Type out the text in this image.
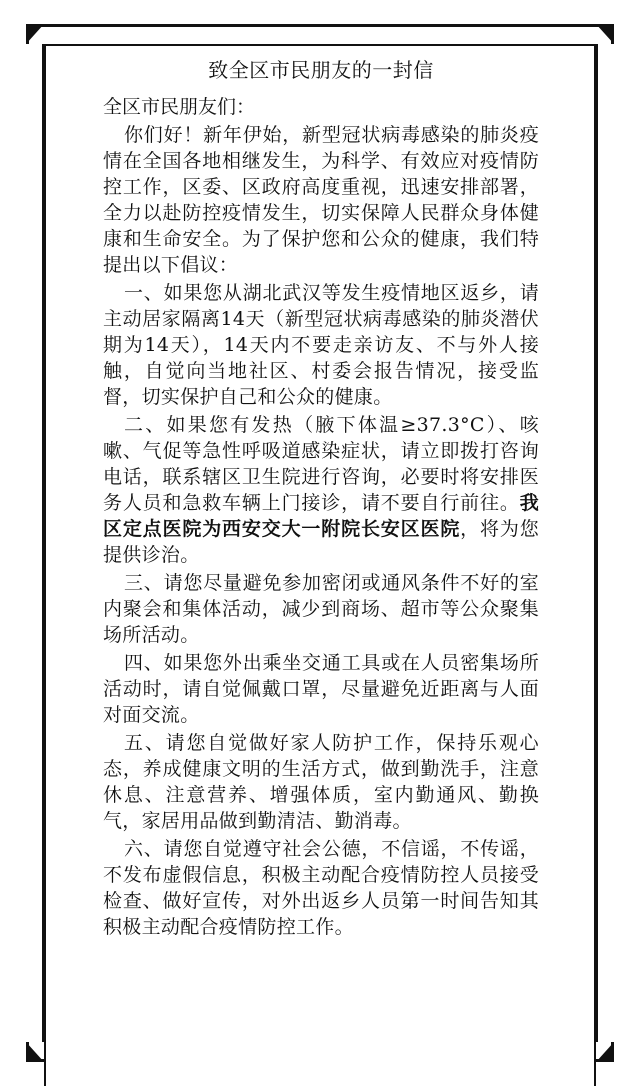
致全区市民朋友的一封信
全区市民朋友们：
你们好！新年伊始，新型冠状病毒感染的肺炎疫情在全国各地相继发生，为科学、有效应对疫情防控工作，区委、区政府高度重视，迅速安排部署，全力以赴防控疫情发生，切实保障人民群众身体健康和生命安全。为了保护您和公众的健康，我们特提出以下倡议：
一、如果您从湖北武汉等发生疫情地区返乡，请主动居家隔离14天（新型冠状病毒感染的肺炎潜伏期为14天），14天内不要走亲访友、不与外人接触，自觉向当地社区、村委会报告情况，接受监督，切实保护自己和公众的健康。
二、如果您有发热（腋下体温≥37.3°C）、咳嗽、气促等急性呼吸道感染症状，请立即拨打咨询电话，联系辖区卫生院进行咨询，必要时将安排医务人员和急救车辆上门接诊，请不要自行前往。我区定点医院为西安交大一附院长安区医院，将为您提供诊治。
三、请您尽量避免参加密闭或通风条件不好的室内聚会和集体活动，减少到商场、超市等公众聚集场所活动。
四、如果您外出乘坐交通工具或在人员密集场所活动时，请自觉佩戴口罩，尽量避免近距离与人面对面交流。
五、请您自觉做好家人防护工作，保持乐观心态，养成健康文明的生活方式，做到勤洗手，注意休息、注意营养、增强体质，室内勤通风、勤换气，家居用品做到勤清洁、勤消毒。
六、请您自觉遵守社会公德，不信谣，不传谣，不发布虚假信息，积极主动配合疫情防控人员接受检查、做好宣传，对外出返乡人员第一时间告知其积极主动配合疫情防控工作。
